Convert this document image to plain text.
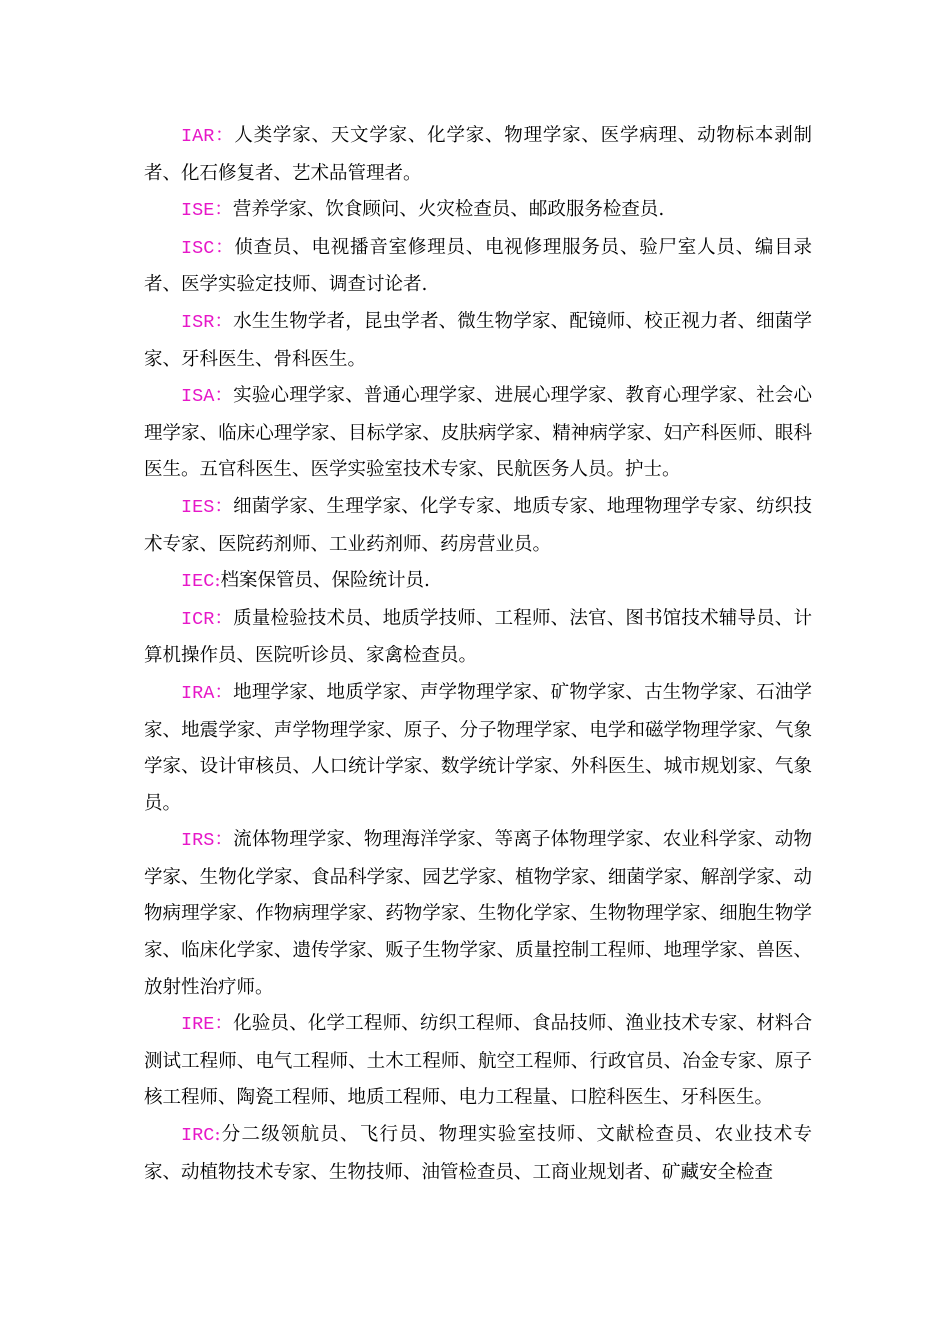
IAR：人类学家、天文学家、化学家、物理学家、医学病理、动物标本剥制者、化石修复者、艺术品管理者。

ISE：营养学家、饮食顾问、火灾检查员、邮政服务检查员.

ISC：侦查员、电视播音室修理员、电视修理服务员、验尸室人员、编目录者、医学实验定技师、调查讨论者.

ISR：水生生物学者，昆虫学者、微生物学家、配镜师、校正视力者、细菌学家、牙科医生、骨科医生。

ISA：实验心理学家、普通心理学家、进展心理学家、教育心理学家、社会心理学家、临床心理学家、目标学家、皮肤病学家、精神病学家、妇产科医师、眼科医生。五官科医生、医学实验室技术专家、民航医务人员。护士。

IES：细菌学家、生理学家、化学专家、地质专家、地理物理学专家、纺织技术专家、医院药剂师、工业药剂师、药房营业员。

IEC:档案保管员、保险统计员.

ICR：质量检验技术员、地质学技师、工程师、法官、图书馆技术辅导员、计算机操作员、医院听诊员、家禽检查员。

IRA：地理学家、地质学家、声学物理学家、矿物学家、古生物学家、石油学家、地震学家、声学物理学家、原子、分子物理学家、电学和磁学物理学家、气象学家、设计审核员、人口统计学家、数学统计学家、外科医生、城市规划家、气象员。

IRS：流体物理学家、物理海洋学家、等离子体物理学家、农业科学家、动物学家、生物化学家、食品科学家、园艺学家、植物学家、细菌学家、解剖学家、动物病理学家、作物病理学家、药物学家、生物化学家、生物物理学家、细胞生物学家、临床化学家、遗传学家、贩子生物学家、质量控制工程师、地理学家、兽医、放射性治疗师。

IRE：化验员、化学工程师、纺织工程师、食品技师、渔业技术专家、材料合测试工程师、电气工程师、土木工程师、航空工程师、行政官员、冶金专家、原子核工程师、陶瓷工程师、地质工程师、电力工程量、口腔科医生、牙科医生。

IRC:分二级领航员、飞行员、物理实验室技师、文献检查员、农业技术专家、动植物技术专家、生物技师、油管检查员、工商业规划者、矿藏安全检查
